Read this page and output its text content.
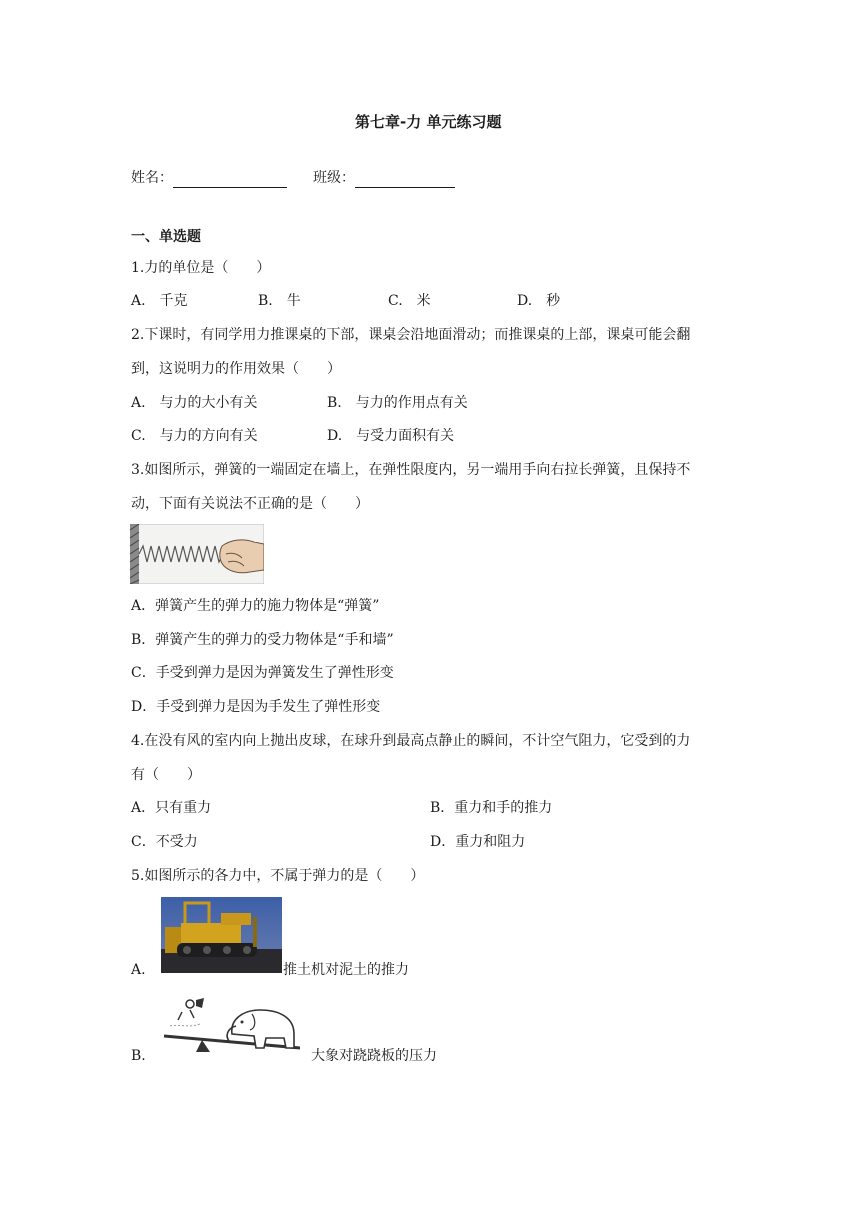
第七章-力 单元练习题
姓名：	班级：
一、单选题
1.力的单位是（　　）
A.　千克	B.　牛	C.　米	D.　秒
2.下课时，有同学用力推课桌的下部，课桌会沿地面滑动；而推课桌的上部，课桌可能会翻
到，这说明力的作用效果（　　）
A.　与力的大小有关	B.　与力的作用点有关
C.　与力的方向有关	D.　与受力面积有关
3.如图所示，弹簧的一端固定在墙上，在弹性限度内，另一端用手向右拉长弹簧，且保持不
动，下面有关说法不正确的是（　　）
A．弹簧产生的弹力的施力物体是“弹簧”
B．弹簧产生的弹力的受力物体是“手和墙”
C．手受到弹力是因为弹簧发生了弹性形变
D．手受到弹力是因为手发生了弹性形变
4.在没有风的室内向上抛出皮球，在球升到最高点静止的瞬间，不计空气阻力，它受到的力
有（　　）
A．只有重力	B．重力和手的推力
C．不受力	D．重力和阻力
5.如图所示的各力中，不属于弹力的是（　　）
A.	推土机对泥土的推力
B.	大象对跷跷板的压力
